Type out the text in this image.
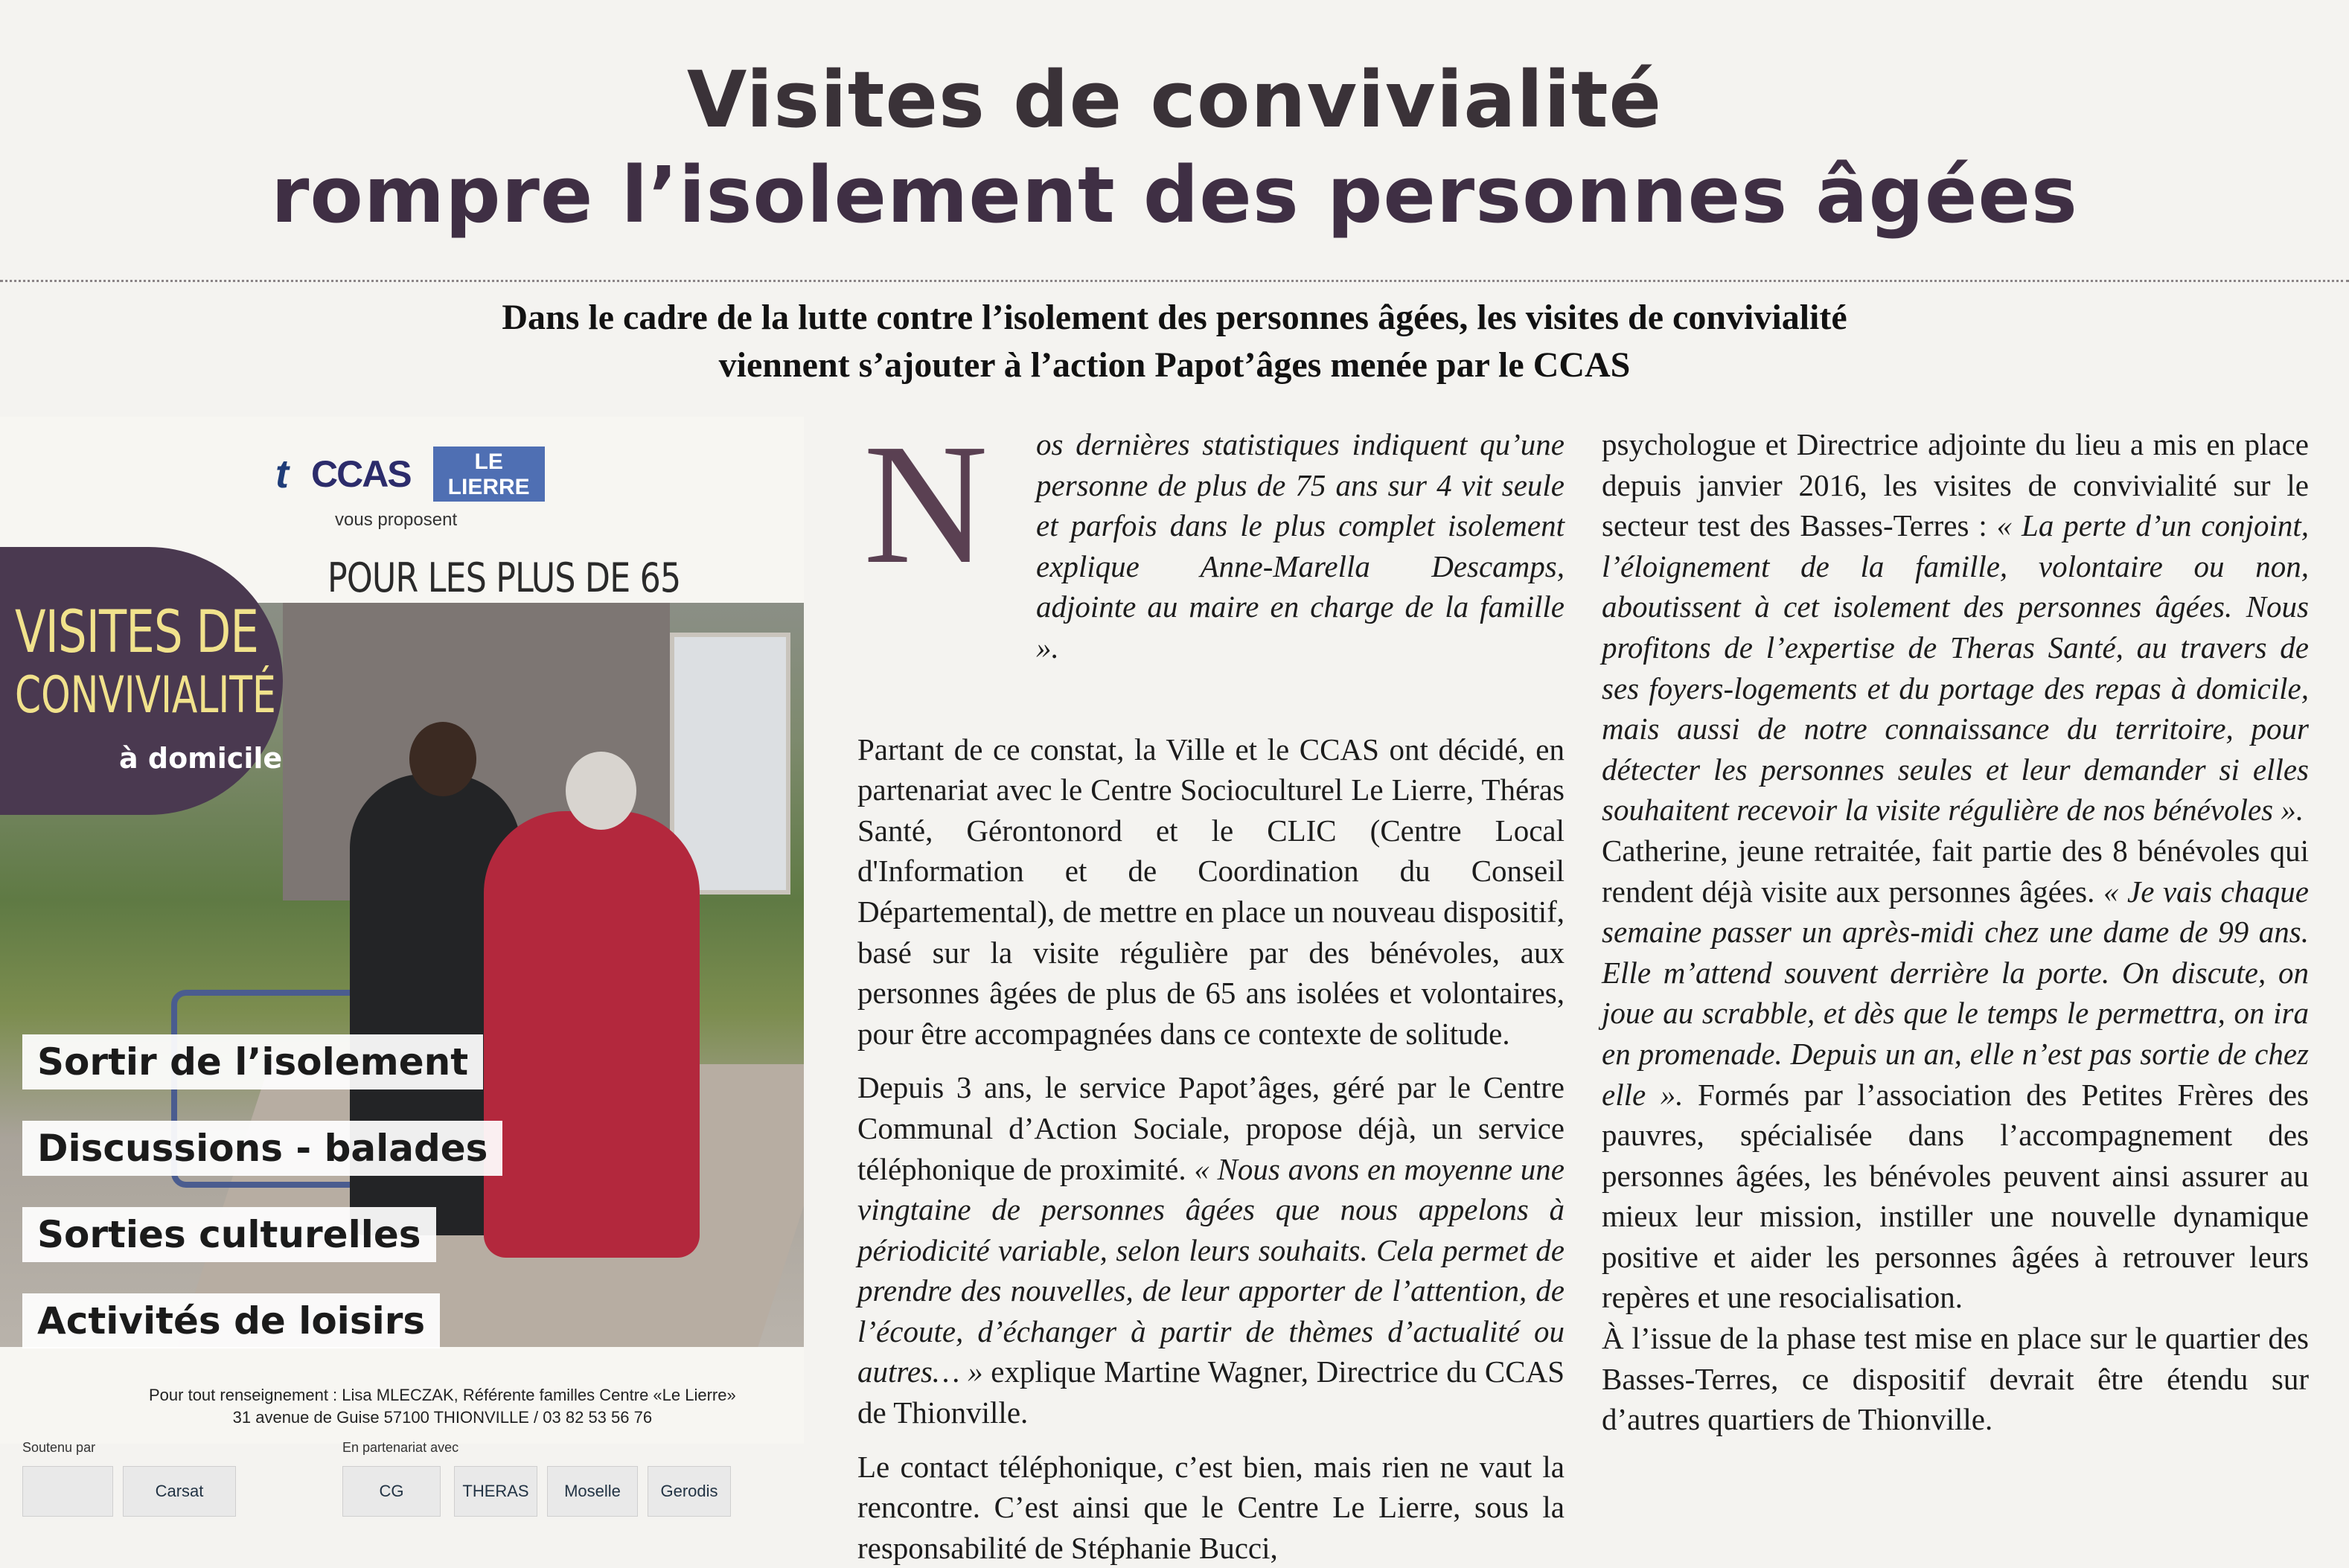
Visites de convivialité
rompre l’isolement des personnes âgées
Dans le cadre de la lutte contre l’isolement des personnes âgées, les visites de convivialité
viennent s’ajouter à l’action Papot’âges menée par le CCAS
t CCAS	LE LIERRE
vous proposent
POUR LES PLUS DE 65
VISITES DE
CONVIVIALITÉ
à domicile
Sortir de l’isolement
Discussions - balades
Sorties culturelles
Activités de loisirs
Pour tout renseignement : Lisa MLECZAK, Référente familles Centre «Le Lierre»
31 avenue de Guise 57100 THIONVILLE / 03 82 53 56 76
Soutenu par	En partenariat avec
Carsat	CG	THERAS	Moselle	Gerodis
N os dernières statistiques indiquent qu’une personne de plus de 75 ans sur 4 vit seule et parfois dans le plus complet isolement explique Anne-Marella Descamps, adjointe au maire en charge de la famille ».

Partant de ce constat, la Ville et le CCAS ont décidé, en partenariat avec le Centre Socioculturel Le Lierre, Théras Santé, Gérontonord et le CLIC (Centre Local d'Information et de Coordination du Conseil Départemental), de mettre en place un nouveau dispositif, basé sur la visite régulière par des bénévoles, aux personnes âgées de plus de 65 ans isolées et volontaires, pour être accompagnées dans ce contexte de solitude.

Depuis 3 ans, le service Papot’âges, géré par le Centre Communal d’Action Sociale, propose déjà, un service téléphonique de proximité. « Nous avons en moyenne une vingtaine de personnes âgées que nous appelons à périodicité variable, selon leurs souhaits. Cela permet de prendre des nouvelles, de leur apporter de l’attention, de l’écoute, d’échanger à partir de thèmes d’actualité ou autres… » explique Martine Wagner, Directrice du CCAS de Thionville.

Le contact téléphonique, c’est bien, mais rien ne vaut la rencontre. C’est ainsi que le Centre Le Lierre, sous la responsabilité de Stéphanie Bucci,

psychologue et Directrice adjointe du lieu a mis en place depuis janvier 2016, les visites de convivialité sur le secteur test des Basses-Terres : « La perte d’un conjoint, l’éloignement de la famille, volontaire ou non, aboutissent à cet isolement des personnes âgées. Nous profitons de l’expertise de Theras Santé, au travers de ses foyers-logements et du portage des repas à domicile, mais aussi de notre connaissance du territoire, pour détecter les personnes seules et leur demander si elles souhaitent recevoir la visite régulière de nos bénévoles ».

Catherine, jeune retraitée, fait partie des 8 bénévoles qui rendent déjà visite aux personnes âgées. « Je vais chaque semaine passer un après-midi chez une dame de 99 ans. Elle m’attend souvent derrière la porte. On discute, on joue au scrabble, et dès que le temps le permettra, on ira en promenade. Depuis un an, elle n’est pas sortie de chez elle ». Formés par l’association des Petites Frères des pauvres, spécialisée dans l’accompagnement des personnes âgées, les bénévoles peuvent ainsi assurer au mieux leur mission, instiller une nouvelle dynamique positive et aider les personnes âgées à retrouver leurs repères et une resocialisation.

À l’issue de la phase test mise en place sur le quartier des Basses-Terres, ce dispositif devrait être étendu sur d’autres quartiers de Thionville.
